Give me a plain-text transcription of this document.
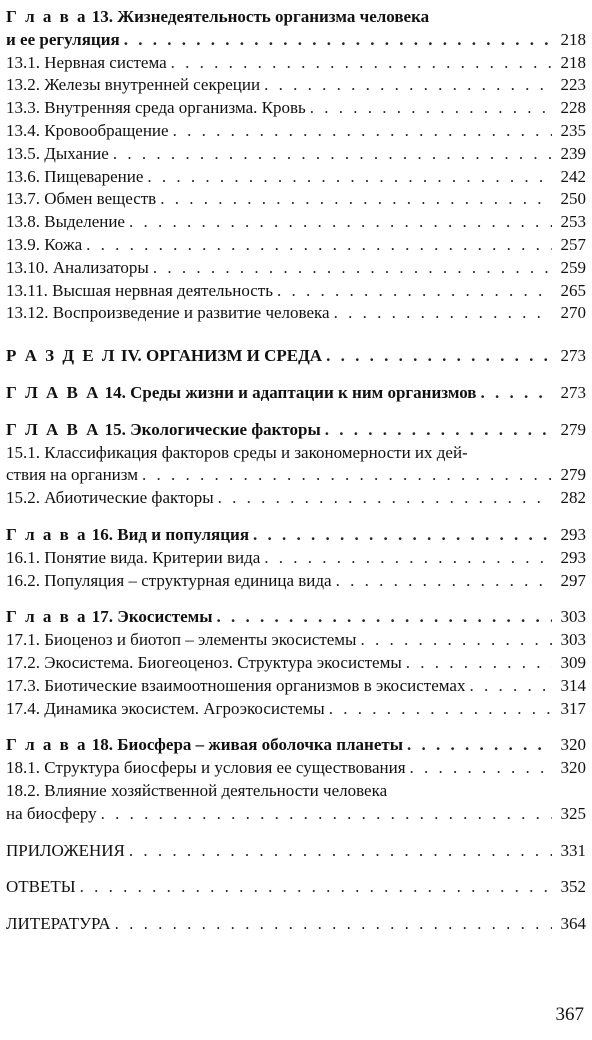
Г л а в а 13. Жизнедеятельность организма человека
и ее регуляция . . .	218
13.1. Нервная система . . .	218
13.2. Железы внутренней секреции . . .	223
13.3. Внутренняя среда организма. Кровь . . .	228
13.4. Кровообращение . . .	235
13.5. Дыхание . . .	239
13.6. Пищеварение . . .	242
13.7. Обмен веществ . . .	250
13.8. Выделение . . .	253
13.9. Кожа . . .	257
13.10. Анализаторы . . .	259
13.11. Высшая нервная деятельность . . .	265
13.12. Воспроизведение и развитие человека . . .	270
Р А З Д Е Л IV. ОРГАНИЗМ И СРЕДА . . .	273
Г Л А В А 14. Среды жизни и адаптации к ним организмов . . .	273
Г Л А В А 15. Экологические факторы . . .	279
15.1. Классификация факторов среды и закономерности их дей-
ствия на организм . . .	279
15.2. Абиотические факторы . . .	282
Г л а в а 16. Вид и популяция . . .	293
16.1. Понятие вида. Критерии вида . . .	293
16.2. Популяция – структурная единица вида . . .	297
Г л а в а 17. Экосистемы . . .	303
17.1. Биоценоз и биотоп – элементы экосистемы . . .	303
17.2. Экосистема. Биогеоценоз. Структура экосистемы . . .	309
17.3. Биотические взаимоотношения организмов в экосистемах . . .	314
17.4. Динамика экосистем. Агроэкосистемы . . .	317
Г л а в а 18. Биосфера – живая оболочка планеты . . .	320
18.1. Структура биосферы и условия ее существования . . .	320
18.2. Влияние хозяйственной деятельности человека
на биосферу . . .	325
ПРИЛОЖЕНИЯ . . .	331
ОТВЕТЫ . . .	352
ЛИТЕРАТУРА . . .	364
367
